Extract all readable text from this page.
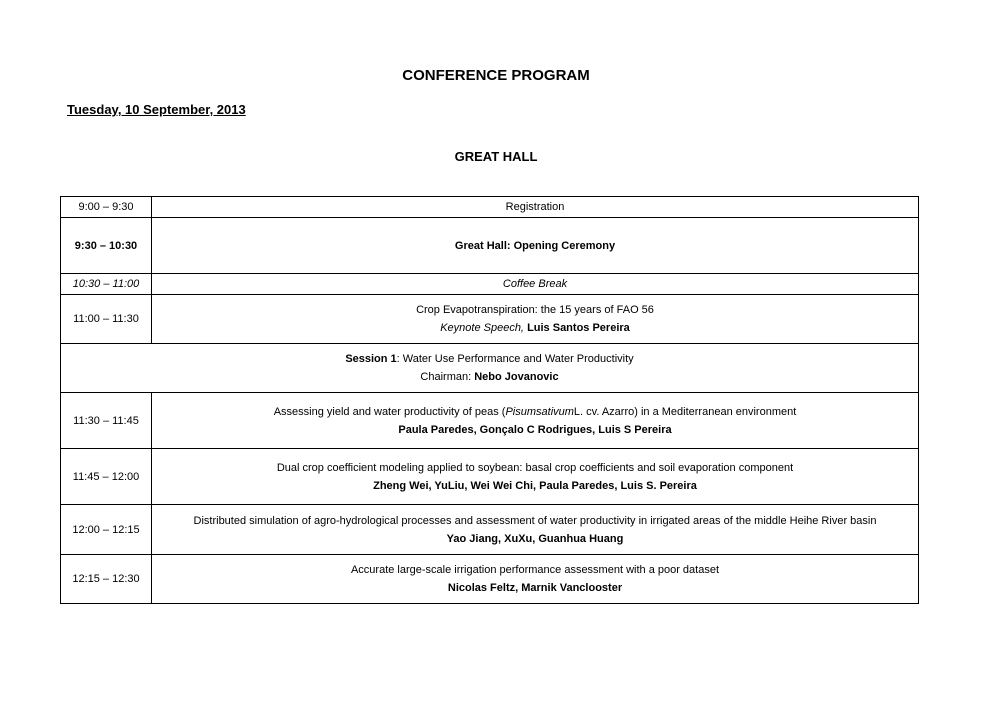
CONFERENCE PROGRAM
Tuesday, 10 September, 2013
GREAT HALL
9:00 – 9:30	Registration
9:30 – 10:30	Great Hall: Opening Ceremony
10:30 – 11:00	Coffee Break
11:00 – 11:30	Crop Evapotranspiration: the 15 years of FAO 56
Keynote Speech, Luis Santos Pereira

Session 1: Water Use Performance and Water Productivity
Chairman: Nebo Jovanovic	

11:30 – 11:45	Assessing yield and water productivity of peas (PisumsativumL. cv. Azarro) in a Mediterranean environment
Paula Paredes, Gonçalo C Rodrigues, Luis S Pereira

11:45 – 12:00	Dual crop coefficient modeling applied to soybean: basal crop coefficients and soil evaporation component
Zheng Wei, YuLiu, Wei Wei Chi, Paula Paredes, Luis S. Pereira

12:00 – 12:15	Distributed simulation of agro-hydrological processes and assessment of water productivity in irrigated areas of the middle Heihe River basin
Yao Jiang, XuXu, Guanhua Huang

12:15 – 12:30	Accurate large-scale irrigation performance assessment with a poor dataset
Nicolas Feltz, Marnik Vanclooster
